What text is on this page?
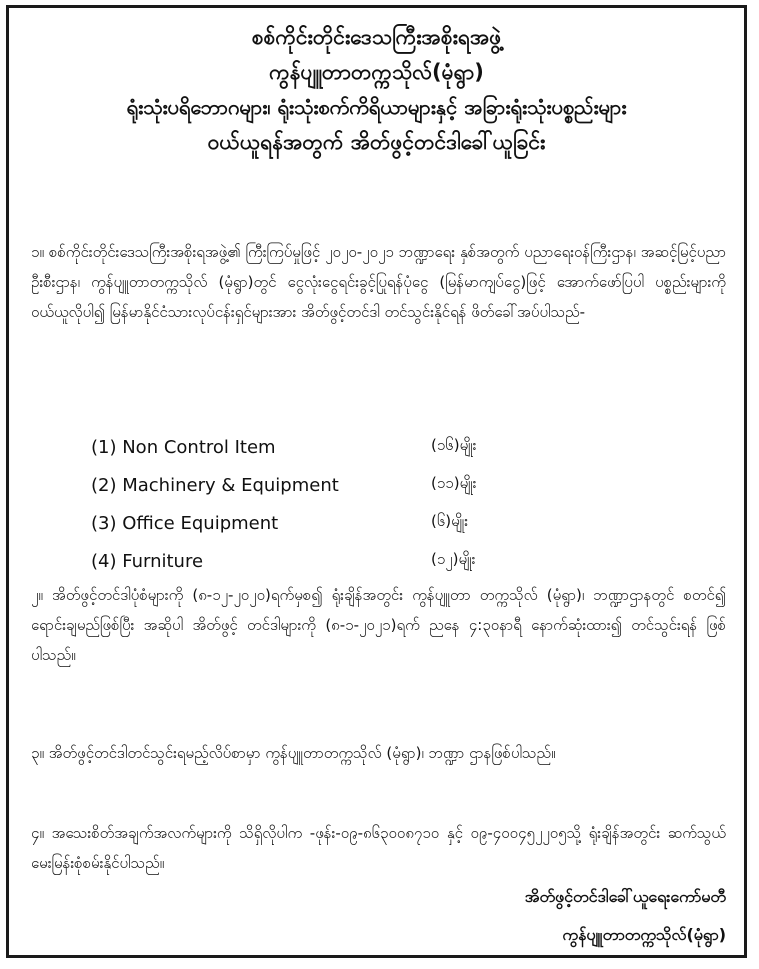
စစ်ကိုင်းတိုင်းဒေသကြီးအစိုးရအဖွဲ့
ကွန်ပျူတာတက္ကသိုလ်(မုံရွာ)
ရုံးသုံးပရိဘောဂများ၊ ရုံးသုံးစက်ကိရိယာများနှင့် အခြားရုံးသုံးပစ္စည်းများ
ဝယ်ယူရန်အတွက် အိတ်ဖွင့်တင်ဒါခေါ်ယူခြင်း
၁။ စစ်ကိုင်းတိုင်းဒေသကြီးအစိုးရအဖွဲ့၏ ကြီးကြပ်မှုဖြင့် ၂၀၂၀-၂၀၂၁ ဘဏ္ဍာရေး နှစ်အတွက် ပညာရေးဝန်ကြီးဌာန၊ အဆင့်မြင့်ပညာဦးစီးဌာန၊ ကွန်ပျူတာတက္ကသိုလ် (မုံရွာ)တွင် ငွေလုံးငွေရင်းခွင့်ပြုရန်ပုံငွေ (မြန်မာကျပ်ငွေ)ဖြင့် အောက်ဖော်ပြပါ ပစ္စည်းများကို ဝယ်ယူလိုပါ၍ မြန်မာနိုင်ငံသားလုပ်ငန်းရှင်များအား အိတ်ဖွင့်တင်ဒါ တင်သွင်းနိုင်ရန် ဖိတ်ခေါ်အပ်ပါသည်-
(1) Non Control Item	(၁၆)မျိုး
(2) Machinery & Equipment	(၁၁)မျိုး
(3) Office Equipment	(၆)မျိုး
(4) Furniture	(၁၂)မျိုး
၂။ အိတ်ဖွင့်တင်ဒါပုံစံများကို (၈-၁၂-၂၀၂၀)ရက်မှစ၍ ရုံးချိန်အတွင်း ကွန်ပျူတာ တက္ကသိုလ် (မုံရွာ)၊ ဘဏ္ဍာဌာနတွင် စတင်၍ ရောင်းချမည်ဖြစ်ပြီး အဆိုပါ အိတ်ဖွင့် တင်ဒါများကို (၈-၁-၂၀၂၁)ရက် ညနေ ၄:၃၀နာရီ နောက်ဆုံးထား၍ တင်သွင်းရန် ဖြစ်ပါသည်။
၃။ အိတ်ဖွင့်တင်ဒါတင်သွင်းရမည့်လိပ်စာမှာ ကွန်ပျူတာတက္ကသိုလ် (မုံရွာ)၊ ဘဏ္ဍာ ဌာနဖြစ်ပါသည်။
၄။ အသေးစိတ်အချက်အလက်များကို သိရှိလိုပါက -ဖုန်း-၀၉-၈၆၃၀၀၈၇၁၀ နှင့် ၀၉-၄၀၀၄၅၂၂၀၅သို့ ရုံးချိန်အတွင်း ဆက်သွယ်မေးမြန်းစုံစမ်းနိုင်ပါသည်။
အိတ်ဖွင့်တင်ဒါခေါ်ယူရေးကော်မတီ
ကွန်ပျူတာတက္ကသိုလ်(မုံရွာ)
